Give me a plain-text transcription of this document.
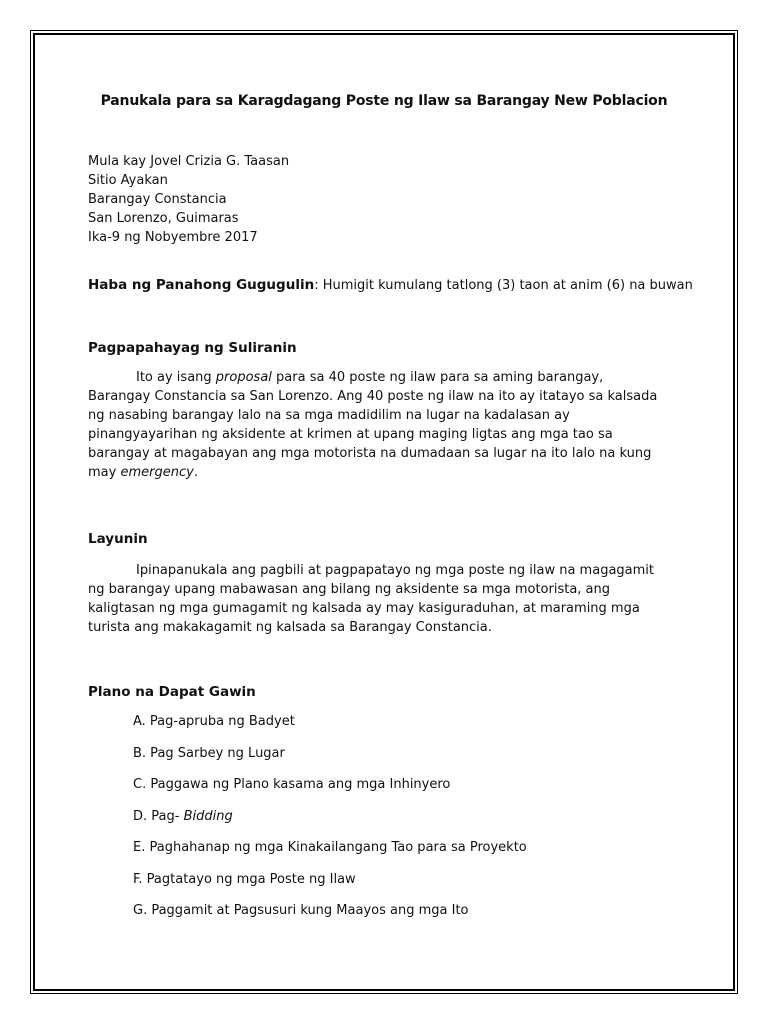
Panukala para sa Karagdagang Poste ng Ilaw sa Barangay New Poblacion
Mula kay Jovel Crizia G. Taasan
Sitio Ayakan
Barangay Constancia
San Lorenzo, Guimaras
Ika-9 ng Nobyembre 2017
Haba ng Panahong Gugugulin: Humigit kumulang tatlong (3) taon at anim (6) na buwan
Pagpapahayag ng Suliranin
Ito ay isang proposal para sa 40 poste ng ilaw para sa aming barangay,
Barangay Constancia sa San Lorenzo. Ang 40 poste ng ilaw na ito ay itatayo sa kalsada
ng nasabing barangay lalo na sa mga madidilim na lugar na kadalasan ay
pinangyayarihan ng aksidente at krimen at upang maging ligtas ang mga tao sa
barangay at magabayan ang mga motorista na dumadaan sa lugar na ito lalo na kung
may emergency.
Layunin
Ipinapanukala ang pagbili at pagpapatayo ng mga poste ng ilaw na magagamit
ng barangay upang mabawasan ang bilang ng aksidente sa mga motorista, ang
kaligtasan ng mga gumagamit ng kalsada ay may kasiguraduhan, at maraming mga
turista ang makakagamit ng kalsada sa Barangay Constancia.
Plano na Dapat Gawin
A. Pag-apruba ng Badyet
B. Pag Sarbey ng Lugar
C. Paggawa ng Plano kasama ang mga Inhinyero
D. Pag- Bidding
E. Paghahanap ng mga Kinakailangang Tao para sa Proyekto
F. Pagtatayo ng mga Poste ng Ilaw
G. Paggamit at Pagsusuri kung Maayos ang mga Ito
